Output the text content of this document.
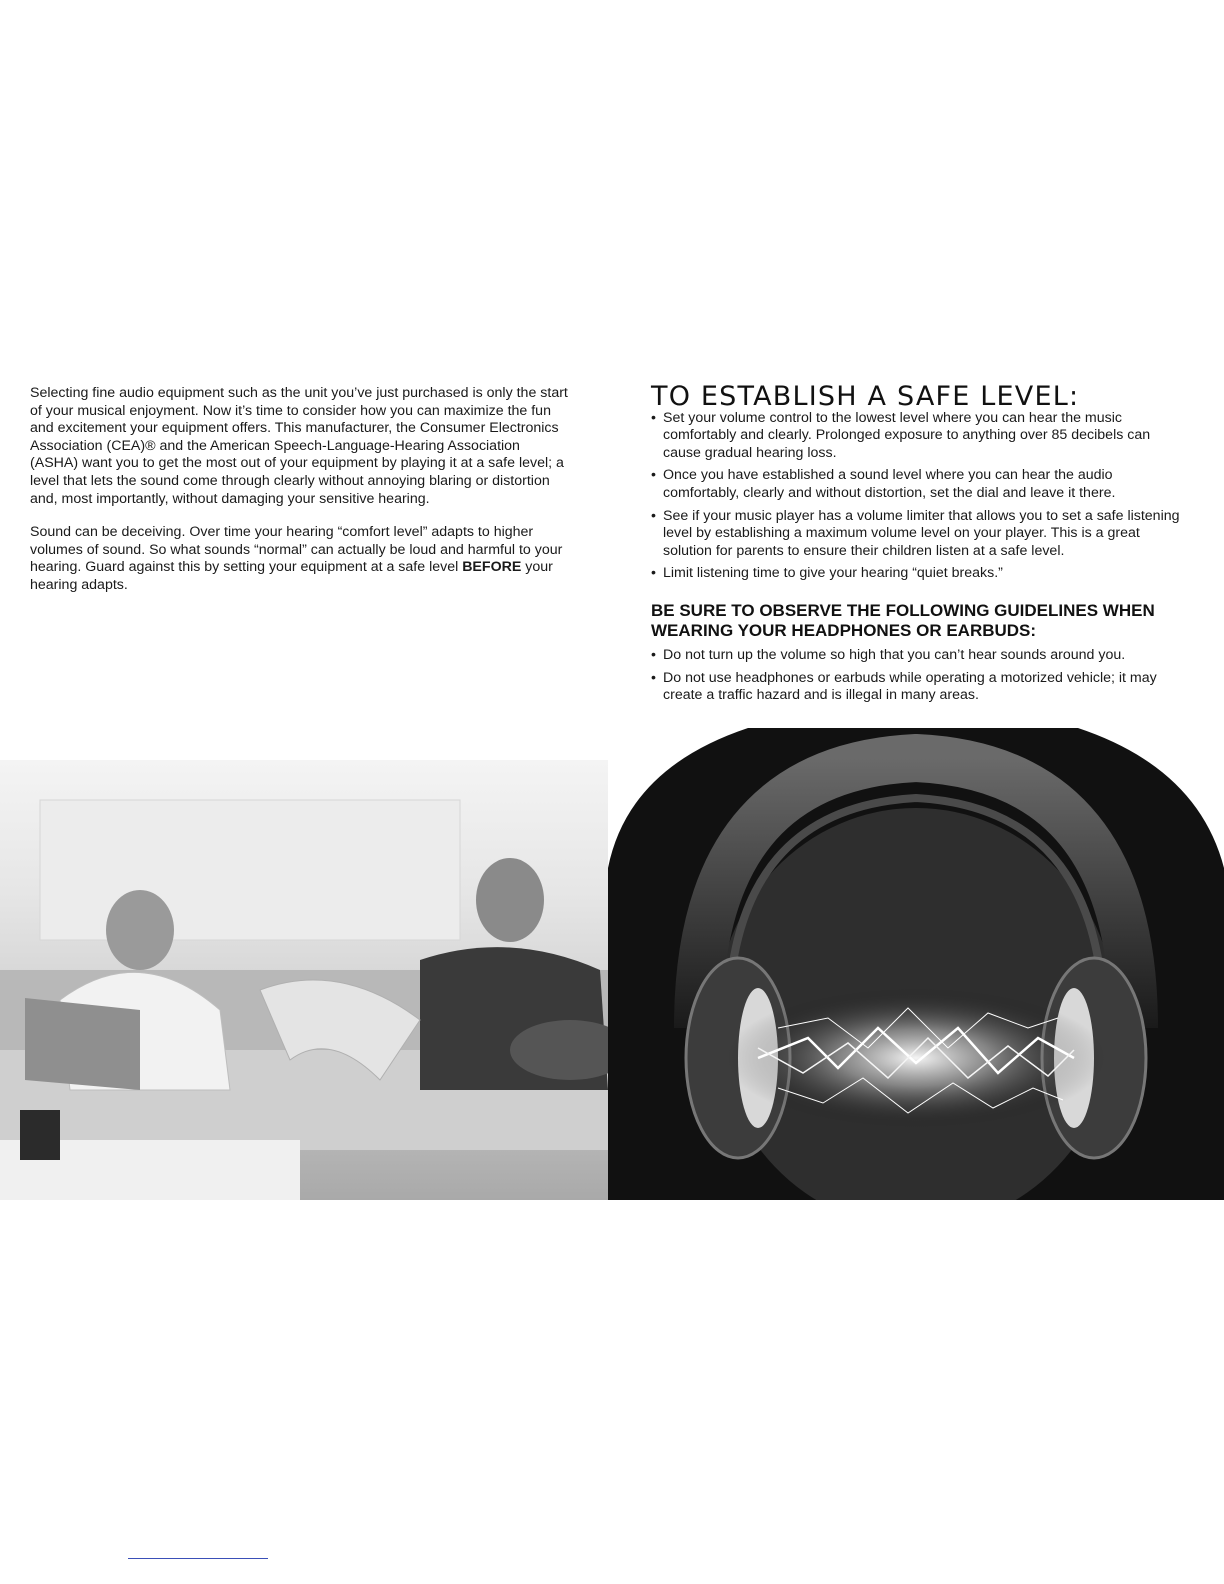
Selecting fine audio equipment such as the unit you’ve just purchased is only the start of your musical enjoyment. Now it’s time to consider how you can maximize the fun and excitement your equipment offers. This manufacturer, the Consumer Electronics Association (CEA)® and the American Speech-Language-Hearing Association (ASHA) want you to get the most out of your equipment by playing it at a safe level; a level that lets the sound come through clearly without annoying blaring or distortion and, most importantly, without damaging your sensitive hearing.

Sound can be deceiving. Over time your hearing “comfort level” adapts to higher volumes of sound. So what sounds “normal” can actually be loud and harmful to your hearing. Guard against this by setting your equipment at a safe level BEFORE your hearing adapts.

TO ESTABLISH A SAFE LEVEL:
• Set your volume control to the lowest level where you can hear the music comfortably and clearly. Prolonged exposure to anything over 85 decibels can cause gradual hearing loss.
• Once you have established a sound level where you can hear the audio comfortably, clearly and without distortion, set the dial and leave it there.
• See if your music player has a volume limiter that allows you to set a safe listening level by establishing a maximum volume level on your player. This is a great solution for parents to ensure their children listen at a safe level.
• Limit listening time to give your hearing “quiet breaks.”
BE SURE TO OBSERVE THE FOLLOWING GUIDELINES WHEN WEARING YOUR HEADPHONES OR EARBUDS:
• Do not turn up the volume so high that you can’t hear sounds around you.
• Do not use headphones or earbuds while operating a motorized vehicle; it may create a traffic hazard and is illegal in many areas.
